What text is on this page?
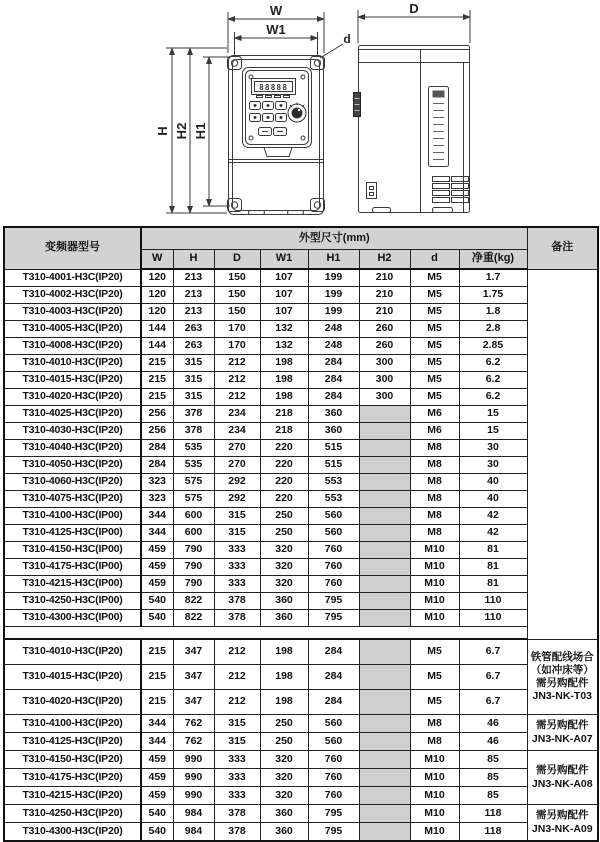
88888
W
W1
d
D
H H2 H1
变频器型号	外型尺寸(mm)								备注
	W	H	D	W1	H1	H2	d	净重(kg)	
T310-4001-H3C(IP20)	120	213	150	107	199	210	M5	1.7	
T310-4002-H3C(IP20)	120	213	150	107	199	210	M5	1.75	
T310-4003-H3C(IP20)	120	213	150	107	199	210	M5	1.8	
T310-4005-H3C(IP20)	144	263	170	132	248	260	M5	2.8	
T310-4008-H3C(IP20)	144	263	170	132	248	260	M5	2.85	
T310-4010-H3C(IP20)	215	315	212	198	284	300	M5	6.2	
T310-4015-H3C(IP20)	215	315	212	198	284	300	M5	6.2	
T310-4020-H3C(IP20)	215	315	212	198	284	300	M5	6.2	
T310-4025-H3C(IP20)	256	378	234	218	360		M6	15	
T310-4030-H3C(IP20)	256	378	234	218	360		M6	15	
T310-4040-H3C(IP20)	284	535	270	220	515		M8	30	
T310-4050-H3C(IP20)	284	535	270	220	515		M8	30	
T310-4060-H3C(IP20)	323	575	292	220	553		M8	40	
T310-4075-H3C(IP20)	323	575	292	220	553		M8	40	
T310-4100-H3C(IP00)	344	600	315	250	560		M8	42	
T310-4125-H3C(IP00)	344	600	315	250	560		M8	42	
T310-4150-H3C(IP00)	459	790	333	320	760		M10	81	
T310-4175-H3C(IP00)	459	790	333	320	760		M10	81	
T310-4215-H3C(IP00)	459	790	333	320	760		M10	81	
T310-4250-H3C(IP00)	540	822	378	360	795		M10	110	
T310-4300-H3C(IP00)	540	822	378	360	795		M10	110	

T310-4010-H3C(IP20)	215	347	212	198	284		M5	6.7	铁管配线场合
（如冲床等）
需另购配件
JN3-NK-T03

T310-4015-H3C(IP20)	215	347	212	198	284		M5	6.7	
T310-4020-H3C(IP20)	215	347	212	198	284		M5	6.7	
T310-4100-H3C(IP20)	344	762	315	250	560		M8	46	需另购配件
JN3-NK-A07

T310-4125-H3C(IP20)	344	762	315	250	560		M8	46	
T310-4150-H3C(IP20)	459	990	333	320	760		M10	85	需另购配件
JN3-NK-A08

T310-4175-H3C(IP20)	459	990	333	320	760		M10	85	
T310-4215-H3C(IP20)	459	990	333	320	760		M10	85	
T310-4250-H3C(IP20)	540	984	378	360	795		M10	118	需另购配件
JN3-NK-A09

T310-4300-H3C(IP20)	540	984	378	360	795		M10	118	
